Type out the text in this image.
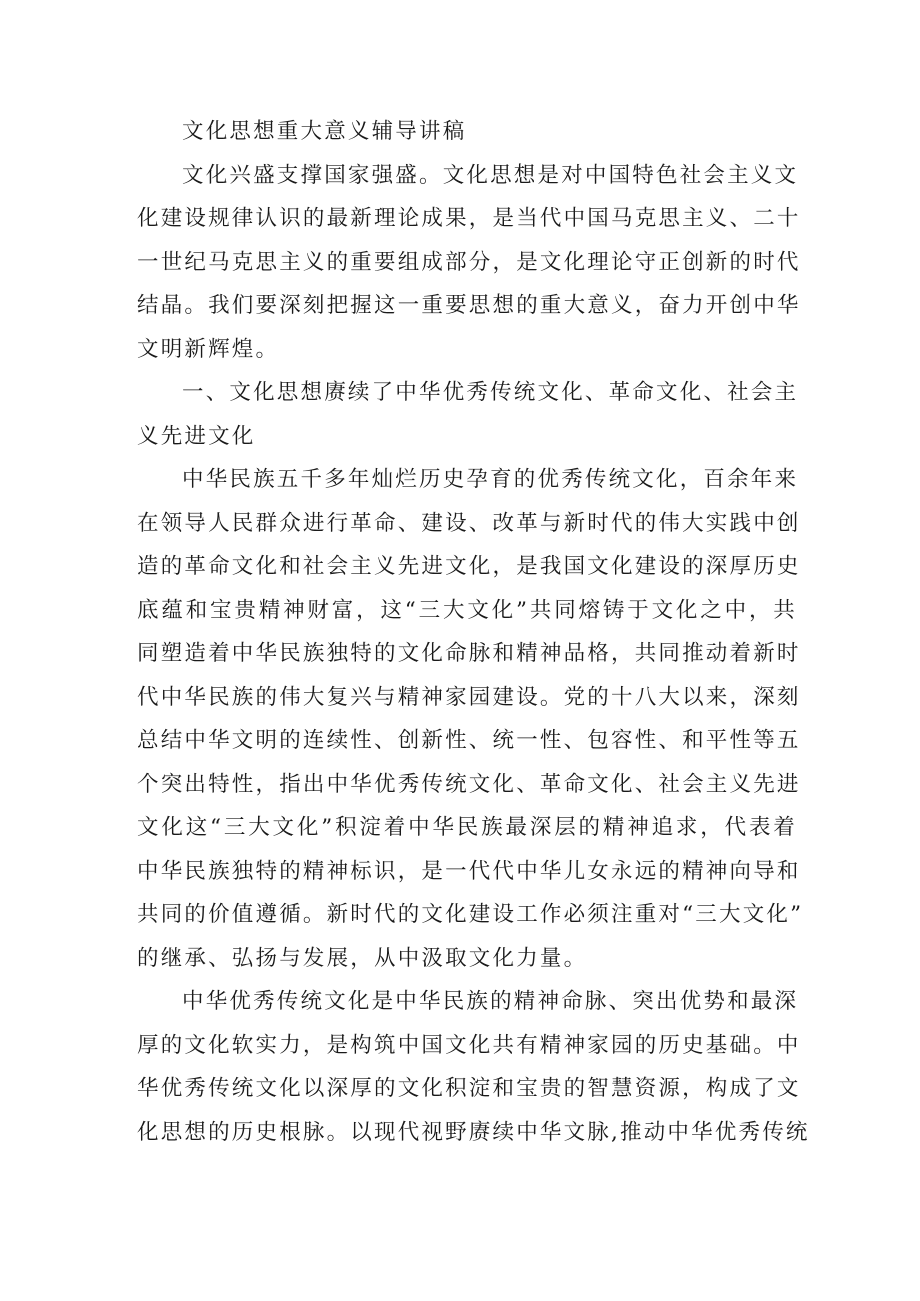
文化思想重大意义辅导讲稿
文化兴盛支撑国家强盛。文化思想是对中国特色社会主义文
化建设规律认识的最新理论成果，是当代中国马克思主义、二十
一世纪马克思主义的重要组成部分，是文化理论守正创新的时代
结晶。我们要深刻把握这一重要思想的重大意义，奋力开创中华
文明新辉煌。
一、文化思想赓续了中华优秀传统文化、革命文化、社会主
义先进文化
中华民族五千多年灿烂历史孕育的优秀传统文化，百余年来
在领导人民群众进行革命、建设、改革与新时代的伟大实践中创
造的革命文化和社会主义先进文化，是我国文化建设的深厚历史
底蕴和宝贵精神财富，这“三大文化”共同熔铸于文化之中，共
同塑造着中华民族独特的文化命脉和精神品格，共同推动着新时
代中华民族的伟大复兴与精神家园建设。党的十八大以来，深刻
总结中华文明的连续性、创新性、统一性、包容性、和平性等五
个突出特性，指出中华优秀传统文化、革命文化、社会主义先进
文化这“三大文化”积淀着中华民族最深层的精神追求，代表着
中华民族独特的精神标识，是一代代中华儿女永远的精神向导和
共同的价值遵循。新时代的文化建设工作必须注重对“三大文化”
的继承、弘扬与发展，从中汲取文化力量。
中华优秀传统文化是中华民族的精神命脉、突出优势和最深
厚的文化软实力，是构筑中国文化共有精神家园的历史基础。中
华优秀传统文化以深厚的文化积淀和宝贵的智慧资源，构成了文
化思想的历史根脉。以现代视野赓续中华文脉,推动中华优秀传统
